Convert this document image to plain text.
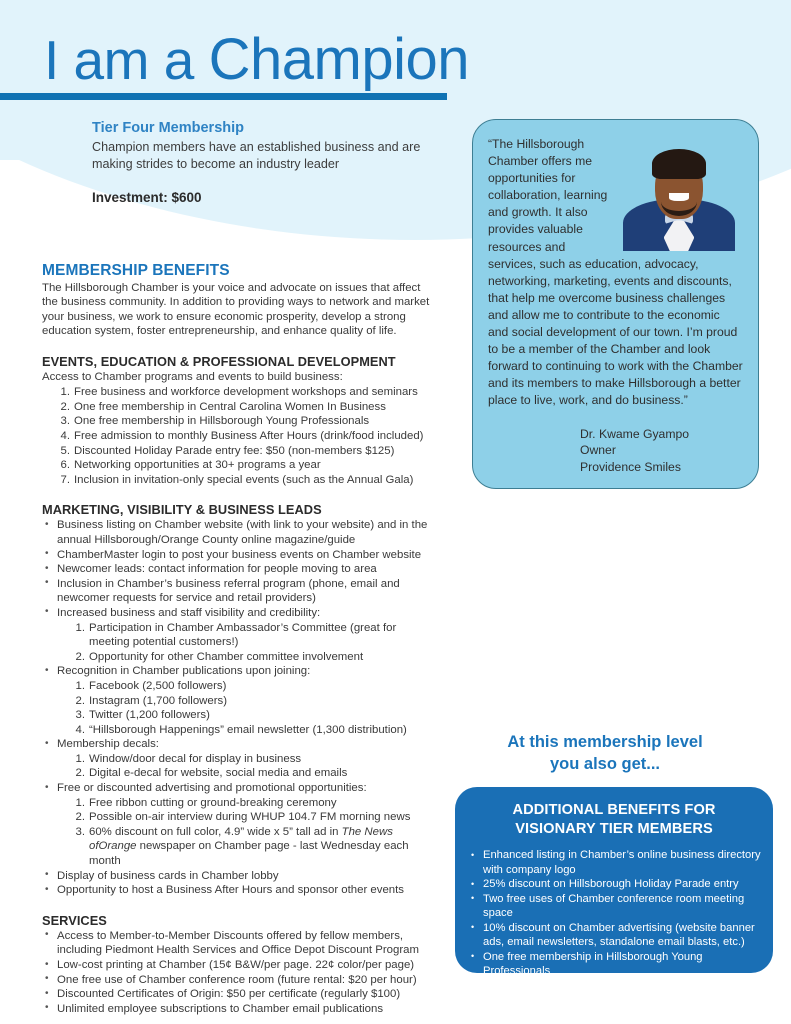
I am a Champion
Tier Four Membership
Champion members have an established business and are making strides to become an industry leader
Investment: $600
“The Hillsborough Chamber offers me opportunities for collaboration, learning and growth. It also provides valuable resources and services, such as education, advocacy, networking, marketing, events and discounts, that help me overcome business challenges and allow me to contribute to the economic and social development of our town. I’m proud to be a member of the Chamber and look forward to continuing to work with the Chamber and its members to make Hillsborough a better place to live, work, and do business.”
Dr. Kwame Gyampo
Owner
Providence Smiles
MEMBERSHIP BENEFITS
The Hillsborough Chamber is your voice and advocate on issues that affect the business community. In addition to providing ways to network and market your business, we work to ensure economic prosperity, develop a strong education system, foster entrepreneurship, and enhance quality of life.
EVENTS, EDUCATION & PROFESSIONAL DEVELOPMENT
Access to Chamber programs and events to build business:
1. Free business and workforce development workshops and seminars
2. One free membership in Central Carolina Women In Business
3. One free membership in Hillsborough Young Professionals
4. Free admission to monthly Business After Hours (drink/food included)
5. Discounted Holiday Parade entry fee: $50 (non-members $125)
6. Networking opportunities at 30+ programs a year
7. Inclusion in invitation-only special events (such as the Annual Gala)
MARKETING, VISIBILITY & BUSINESS LEADS
• Business listing on Chamber website (with link to your website) and in the annual Hillsborough/Orange County online magazine/guide
• ChamberMaster login to post your business events on Chamber website
• Newcomer leads: contact information for people moving to area
• Inclusion in Chamber’s business referral program (phone, email and newcomer requests for service and retail providers)
• Increased business and staff visibility and credibility:
1. Participation in Chamber Ambassador’s Committee (great for meeting potential customers!)
2. Opportunity for other Chamber committee involvement
• Recognition in Chamber publications upon joining:
1. Facebook (2,500 followers)
2. Instagram (1,700 followers)
3. Twitter (1,200 followers)
4. “Hillsborough Happenings” email newsletter (1,300 distribution)
• Membership decals:
1. Window/door decal for display in business
2. Digital e-decal for website, social media and emails
• Free or discounted advertising and promotional opportunities:
1. Free ribbon cutting or ground-breaking ceremony
2. Possible on-air interview during WHUP 104.7 FM morning news
3. 60% discount on full color, 4.9” wide x 5” tall ad in The News ofOrange newspaper on Chamber page - last Wednesday each month
• Display of business cards in Chamber lobby
• Opportunity to host a Business After Hours and sponsor other events
SERVICES
• Access to Member-to-Member Discounts offered by fellow members, including Piedmont Health Services and Office Depot Discount Program
• Low-cost printing at Chamber (15¢ B&W/per page. 22¢ color/per page)
• One free use of Chamber conference room (future rental: $20 per hour)
• Discounted Certificates of Origin: $50 per certificate (regularly $100)
• Unlimited employee subscriptions to Chamber email publications
At this membership level
you also get...
ADDITIONAL BENEFITS FOR
VISIONARY TIER MEMBERS
• Enhanced listing in Chamber’s online business directory with company logo
• 25% discount on Hillsborough Holiday Parade entry
• Two free uses of Chamber conference room meeting space
• 10% discount on Chamber advertising (website banner ads, email newsletters, standalone email blasts, etc.)
• One free membership in Hillsborough Young Professionals
